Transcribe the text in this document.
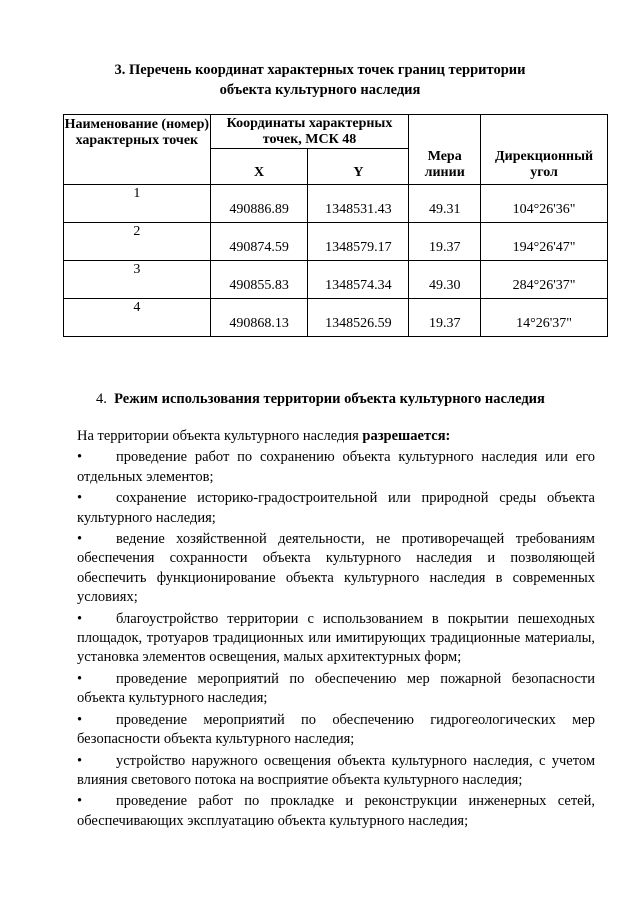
3. Перечень координат характерных точек границ территории
объекта культурного наследия
Наименование (номер) характерных точек	Координаты характерных точек, МСК 48		Мера линии	Дирекционный угол
	X	Y		
1	490886.89	1348531.43	49.31	104°26'36"
2	490874.59	1348579.17	19.37	194°26'47"
3	490855.83	1348574.34	49.30	284°26'37"
4	490868.13	1348526.59	19.37	14°26'37"
4. Режим использования территории объекта культурного наследия

На территории объекта культурного наследия разрешается:

• проведение работ по сохранению объекта культурного наследия или его отдельных элементов;

• сохранение историко-градостроительной или природной среды объекта культурного наследия;

• ведение хозяйственной деятельности, не противоречащей требованиям обеспечения сохранности объекта культурного наследия и позволяющей обеспечить функционирование объекта культурного наследия в современных условиях;

• благоустройство территории с использованием в покрытии пешеходных площадок, тротуаров традиционных или имитирующих традиционные материалы, установка элементов освещения, малых архитектурных форм;

• проведение мероприятий по обеспечению мер пожарной безопасности объекта культурного наследия;

• проведение мероприятий по обеспечению гидрогеологических мер безопасности объекта культурного наследия;

• устройство наружного освещения объекта культурного наследия, с учетом влияния светового потока на восприятие объекта культурного наследия;

• проведение работ по прокладке и реконструкции инженерных сетей, обеспечивающих эксплуатацию объекта культурного наследия;
